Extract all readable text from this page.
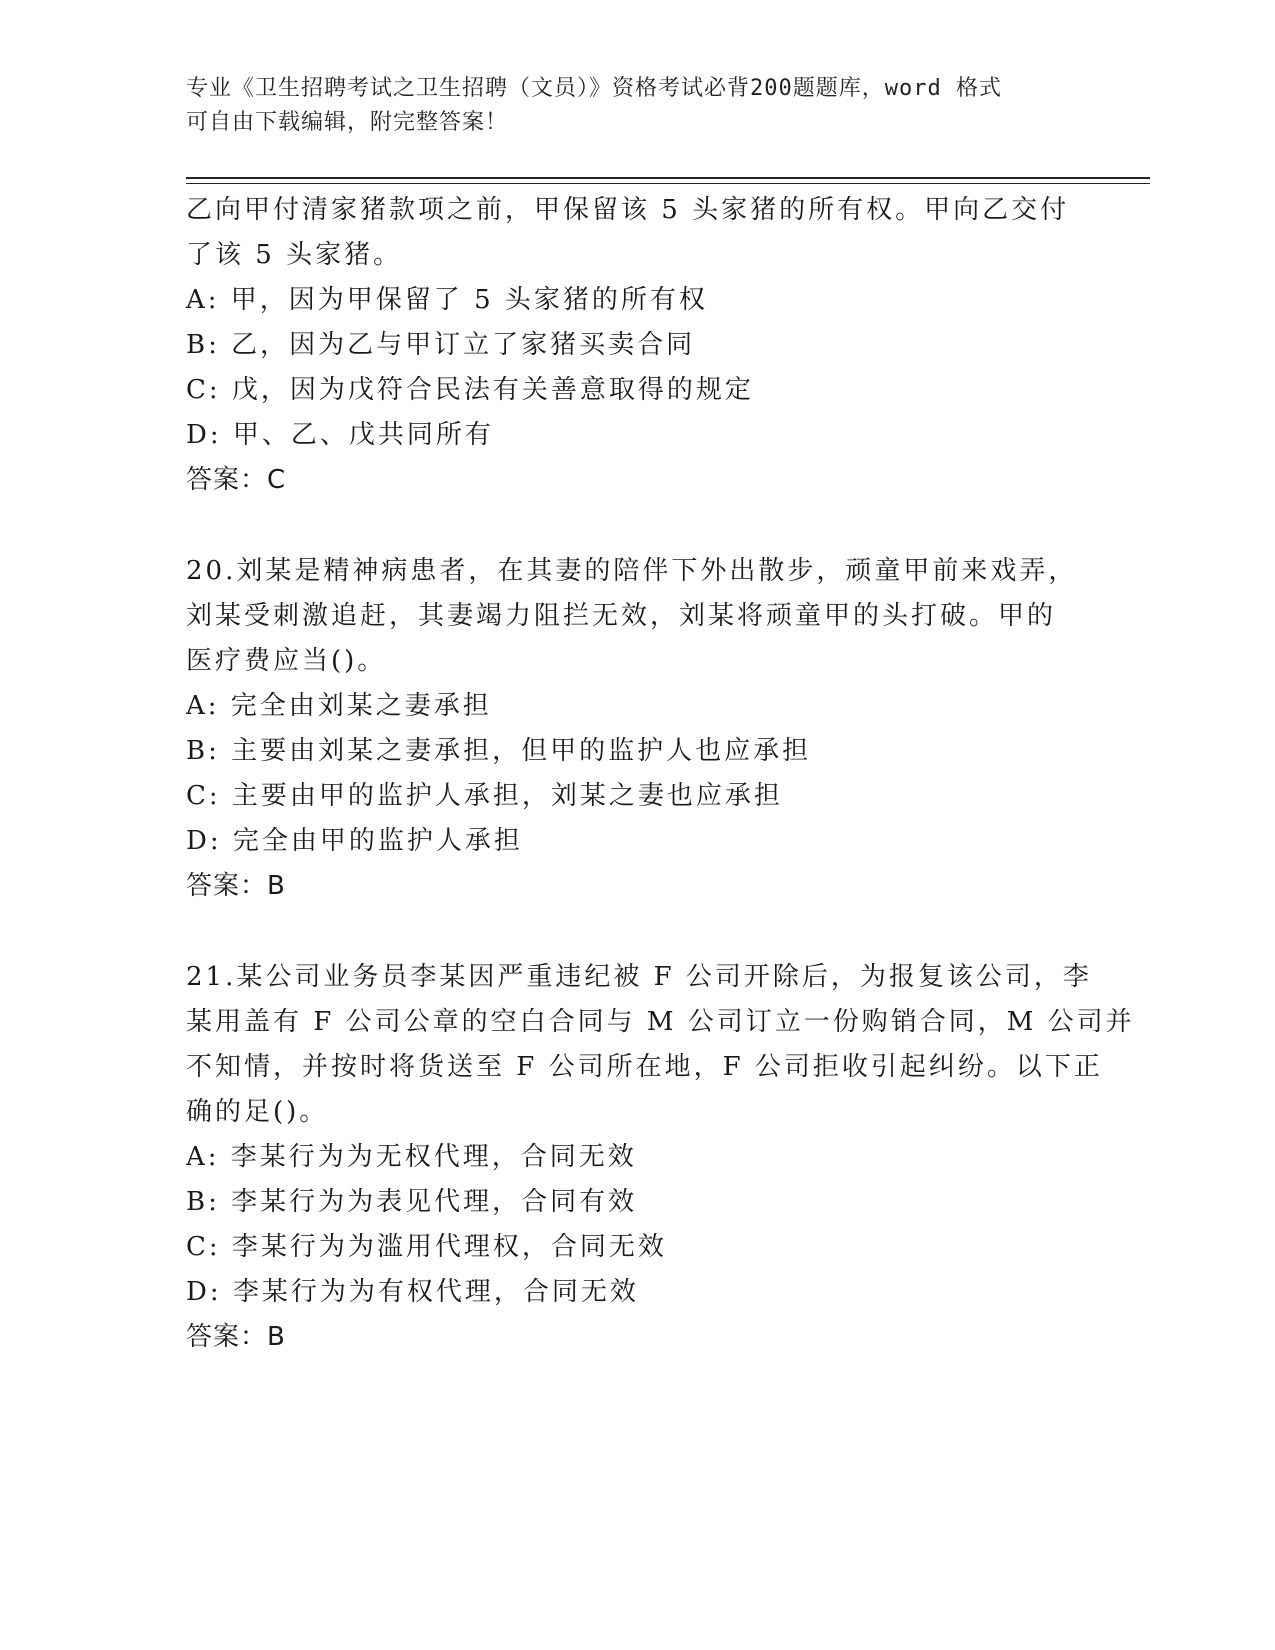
专业《卫生招聘考试之卫生招聘（文员）》资格考试必背200题题库，word 格式
可自由下载编辑，附完整答案！
乙向甲付清家猪款项之前，甲保留该 5 头家猪的所有权。甲向乙交付
了该 5 头家猪。
A: 甲，因为甲保留了 5 头家猪的所有权
B: 乙，因为乙与甲订立了家猪买卖合同
C: 戊，因为戊符合民法有关善意取得的规定
D: 甲、乙、戊共同所有
答案：C
20.刘某是精神病患者，在其妻的陪伴下外出散步，顽童甲前来戏弄，
刘某受刺激追赶，其妻竭力阻拦无效，刘某将顽童甲的头打破。甲的
医疗费应当()。
A: 完全由刘某之妻承担
B: 主要由刘某之妻承担，但甲的监护人也应承担
C: 主要由甲的监护人承担，刘某之妻也应承担
D: 完全由甲的监护人承担
答案：B
21.某公司业务员李某因严重违纪被 F 公司开除后，为报复该公司，李
某用盖有 F 公司公章的空白合同与 M 公司订立一份购销合同，M 公司并
不知情，并按时将货送至 F 公司所在地，F 公司拒收引起纠纷。以下正
确的足()。
A: 李某行为为无权代理，合同无效
B: 李某行为为表见代理，合同有效
C: 李某行为为滥用代理权，合同无效
D: 李某行为为有权代理，合同无效
答案：B
